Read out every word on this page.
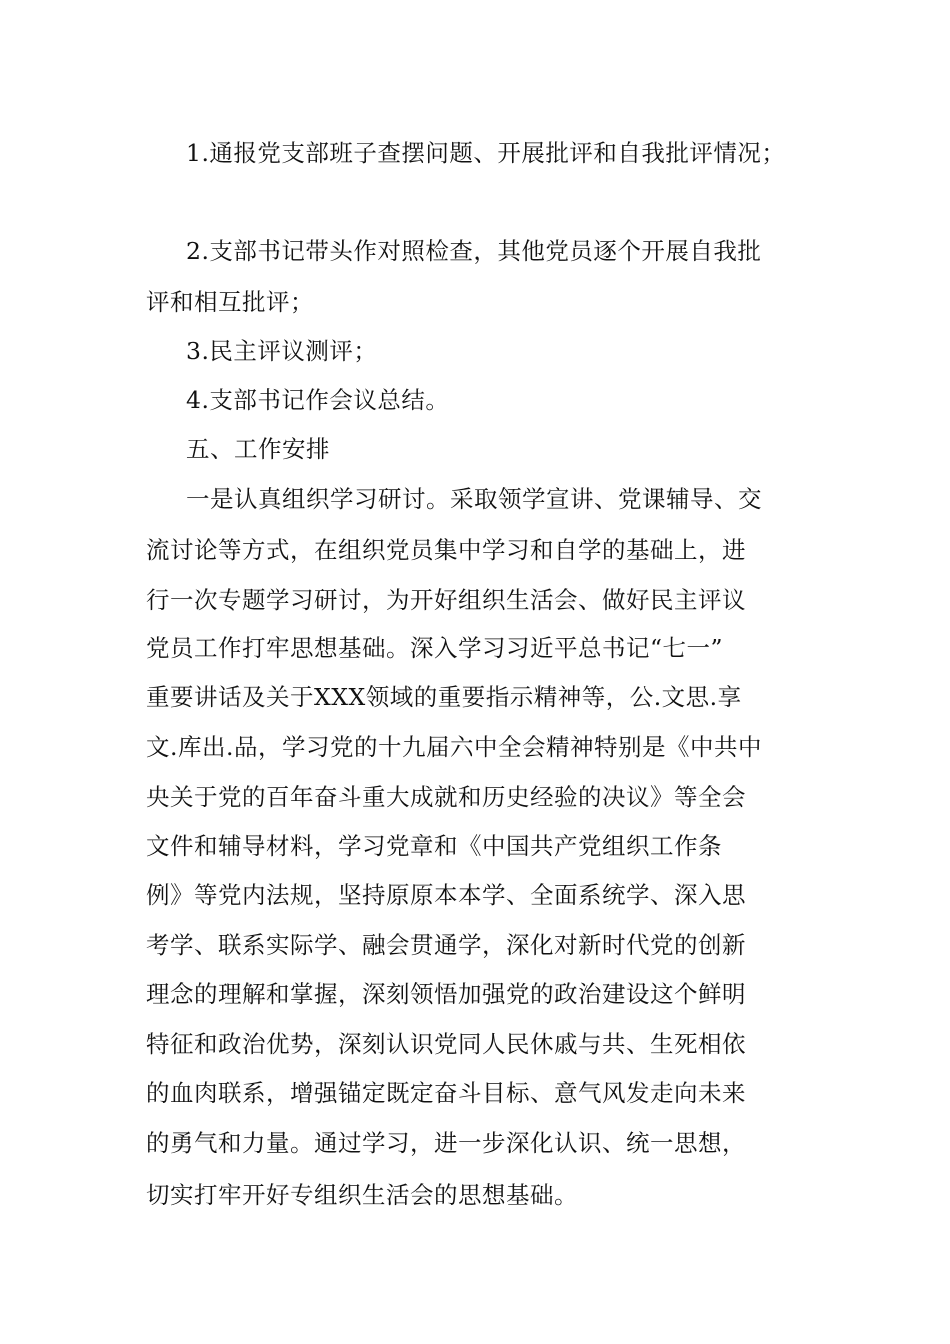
1.通报党支部班子查摆问题、开展批评和自我批评情况；
2.支部书记带头作对照检查，其他党员逐个开展自我批
评和相互批评；
3.民主评议测评；
4.支部书记作会议总结。
五、工作安排
一是认真组织学习研讨。采取领学宣讲、党课辅导、交
流讨论等方式，在组织党员集中学习和自学的基础上，进
行一次专题学习研讨，为开好组织生活会、做好民主评议
党员工作打牢思想基础。深入学习习近平总书记“七一”
重要讲话及关于XXX领域的重要指示精神等，公.文思.享
文.库出.品，学习党的十九届六中全会精神特别是《中共中
央关于党的百年奋斗重大成就和历史经验的决议》等全会
文件和辅导材料，学习党章和《中国共产党组织工作条
例》等党内法规，坚持原原本本学、全面系统学、深入思
考学、联系实际学、融会贯通学，深化对新时代党的创新
理念的理解和掌握，深刻领悟加强党的政治建设这个鲜明
特征和政治优势，深刻认识党同人民休戚与共、生死相依
的血肉联系，增强锚定既定奋斗目标、意气风发走向未来
的勇气和力量。通过学习，进一步深化认识、统一思想，
切实打牢开好专组织生活会的思想基础。
